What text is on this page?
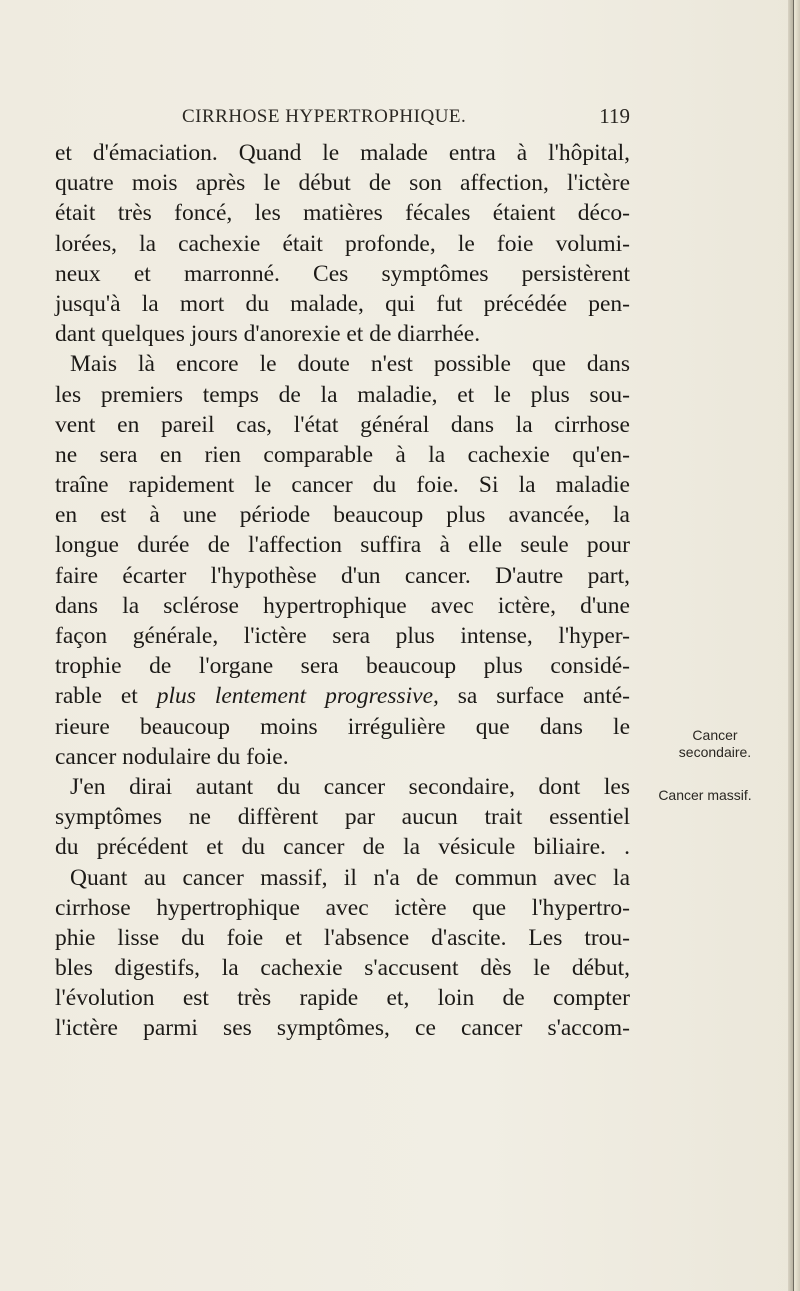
CIRRHOSE HYPERTROPHIQUE.	119
et d'émaciation. Quand le malade entra à l'hôpital,
quatre mois après le début de son affection, l'ictère
était très foncé, les matières fécales étaient déco-
lorées, la cachexie était profonde, le foie volumi-
neux et marronné. Ces symptômes persistèrent
jusqu'à la mort du malade, qui fut précédée pen-
dant quelques jours d'anorexie et de diarrhée.
Mais là encore le doute n'est possible que dans
les premiers temps de la maladie, et le plus sou-
vent en pareil cas, l'état général dans la cirrhose
ne sera en rien comparable à la cachexie qu'en-
traîne rapidement le cancer du foie. Si la maladie
en est à une période beaucoup plus avancée, la
longue durée de l'affection suffira à elle seule pour
faire écarter l'hypothèse d'un cancer. D'autre part,
dans la sclérose hypertrophique avec ictère, d'une
façon générale, l'ictère sera plus intense, l'hyper-
trophie de l'organe sera beaucoup plus considé-
rable et plus lentement progressive, sa surface anté-
rieure beaucoup moins irrégulière que dans le
cancer nodulaire du foie.
J'en dirai autant du cancer secondaire, dont les
symptômes ne diffèrent par aucun trait essentiel
du précédent et du cancer de la vésicule biliaire. .
Quant au cancer massif, il n'a de commun avec la
cirrhose hypertrophique avec ictère que l'hypertro-
phie lisse du foie et l'absence d'ascite. Les trou-
bles digestifs, la cachexie s'accusent dès le début,
l'évolution est très rapide et, loin de compter
l'ictère parmi ses symptômes, ce cancer s'accom-
Cancer
secondaire.
Cancer massif.
